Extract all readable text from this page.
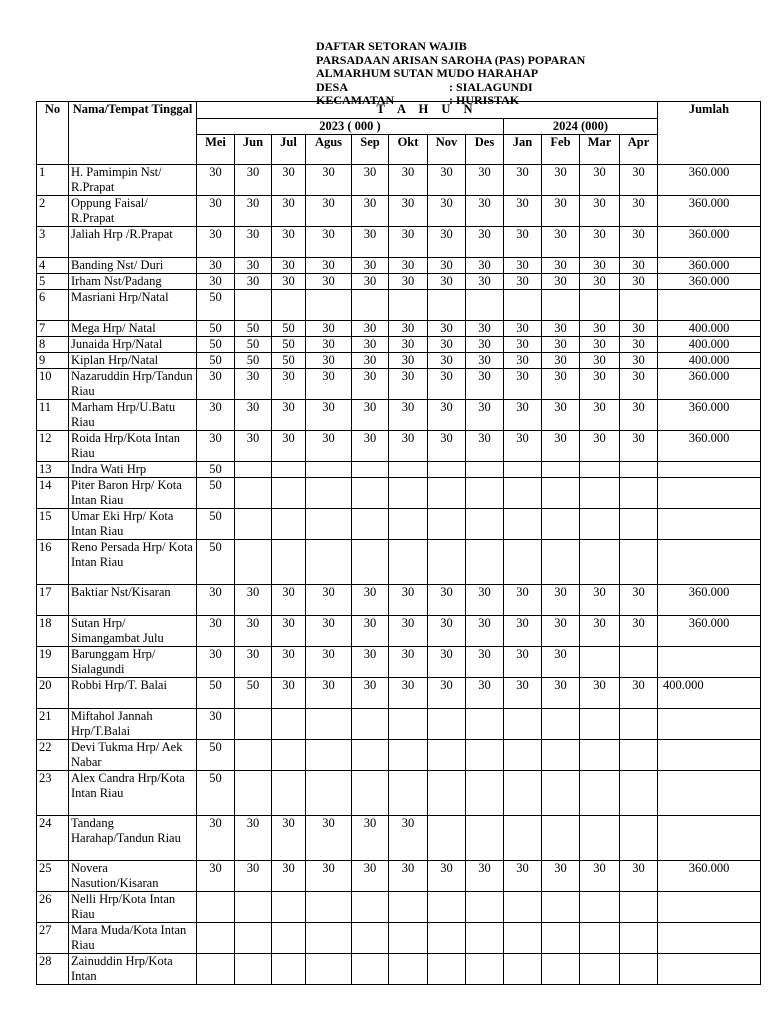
DAFTAR SETORAN WAJIB
PARSADAAN ARISAN SAROHA (PAS) POPARAN
ALMARHUM SUTAN MUDO HARAHAP
DESA	: SIALAGUNDI
KECAMATAN	: HURISTAK
No	Nama/Tempat Tinggal	T A H U N												Jumlah
		2023 ( 000 )								2024 (000)				
		Mei	Jun	Jul	Agus	Sep	Okt	Nov	Des	Jan	Feb	Mar	Apr	
1	H. Pamimpin Nst/ R.Prapat	30	30	30	30	30	30	30	30	30	30	30	30	360.000
2	Oppung Faisal/ R.Prapat	30	30	30	30	30	30	30	30	30	30	30	30	360.000
3	Jaliah Hrp /R.Prapat	30	30	30	30	30	30	30	30	30	30	30	30	360.000
4	Banding Nst/ Duri	30	30	30	30	30	30	30	30	30	30	30	30	360.000
5	Irham Nst/Padang	30	30	30	30	30	30	30	30	30	30	30	30	360.000
6	Masriani Hrp/Natal	50												
7	Mega Hrp/ Natal	50	50	50	30	30	30	30	30	30	30	30	30	400.000
8	Junaida Hrp/Natal	50	50	50	30	30	30	30	30	30	30	30	30	400.000
9	Kiplan Hrp/Natal	50	50	50	30	30	30	30	30	30	30	30	30	400.000
10	Nazaruddin Hrp/Tandun Riau	30	30	30	30	30	30	30	30	30	30	30	30	360.000
11	Marham Hrp/U.Batu Riau	30	30	30	30	30	30	30	30	30	30	30	30	360.000
12	Roida Hrp/Kota Intan Riau	30	30	30	30	30	30	30	30	30	30	30	30	360.000
13	Indra Wati Hrp	50												
14	Piter Baron Hrp/ Kota Intan Riau	50												
15	Umar Eki Hrp/ Kota Intan Riau	50												
16	Reno Persada Hrp/ Kota Intan Riau	50												
17	Baktiar Nst/Kisaran	30	30	30	30	30	30	30	30	30	30	30	30	360.000
18	Sutan Hrp/ Simangambat Julu	30	30	30	30	30	30	30	30	30	30	30	30	360.000
19	Barunggam Hrp/ Sialagundi	30	30	30	30	30	30	30	30	30	30			
20	Robbi Hrp/T. Balai	50	50	30	30	30	30	30	30	30	30	30	30	400.000
21	Miftahol Jannah Hrp/T.Balai	30												
22	Devi Tukma Hrp/ Aek Nabar	50												
23	Alex Candra Hrp/Kota Intan Riau	50												
24	Tandang Harahap/Tandun Riau	30	30	30	30	30	30							
25	Novera Nasution/Kisaran	30	30	30	30	30	30	30	30	30	30	30	30	360.000
26	Nelli Hrp/Kota Intan Riau													
27	Mara Muda/Kota Intan Riau													
28	Zainuddin Hrp/Kota Intan													
